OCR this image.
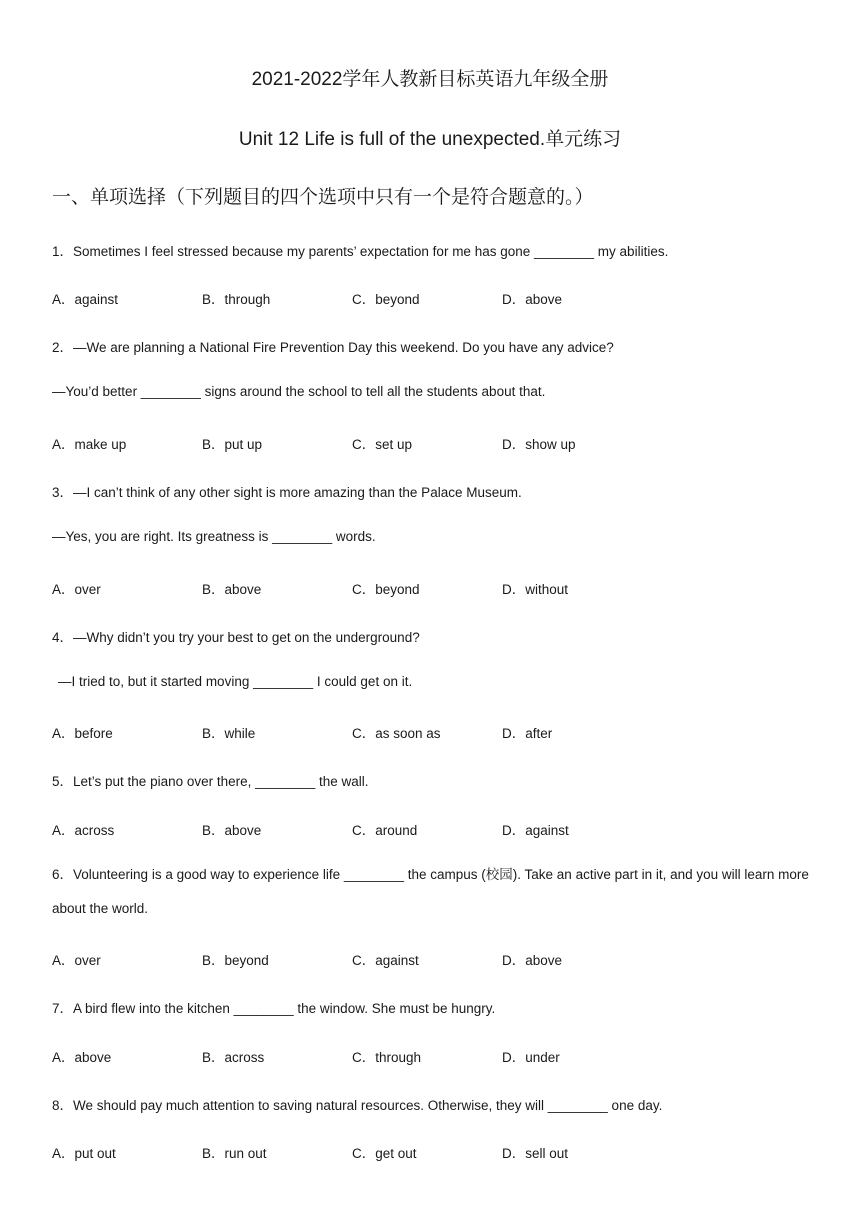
2021-2022学年人教新目标英语九年级全册
Unit 12 Life is full of the unexpected.单元练习
一、单项选择（下列题目的四个选项中只有一个是符合题意的。）
1．Sometimes I feel stressed because my parents’ expectation for me has gone ________ my abilities.
A．against	B．through	C．beyond	D．above
2．—We are planning a National Fire Prevention Day this weekend. Do you have any advice?
—You’d better ________ signs around the school to tell all the students about that.
A．make up	B．put up	C．set up	D．show up
3．—I can’t think of any other sight is more amazing than the Palace Museum.
—Yes, you are right. Its greatness is ________ words.
A．over	B．above	C．beyond	D．without
4．—Why didn’t you try your best to get on the underground?
—I tried to, but it started moving ________ I could get on it.
A．before	B．while	C．as soon as	D．after
5．Let’s put the piano over there, ________ the wall.
A．across	B．above	C．around	D．against
6．Volunteering is a good way to experience life ________ the campus (校园). Take an active part in it, and you will learn more about the world.
A．over	B．beyond	C．against	D．above
7．A bird flew into the kitchen ________ the window. She must be hungry.
A．above	B．across	C．through	D．under
8．We should pay much attention to saving natural resources. Otherwise, they will ________ one day.
A．put out	B．run out	C．get out	D．sell out
